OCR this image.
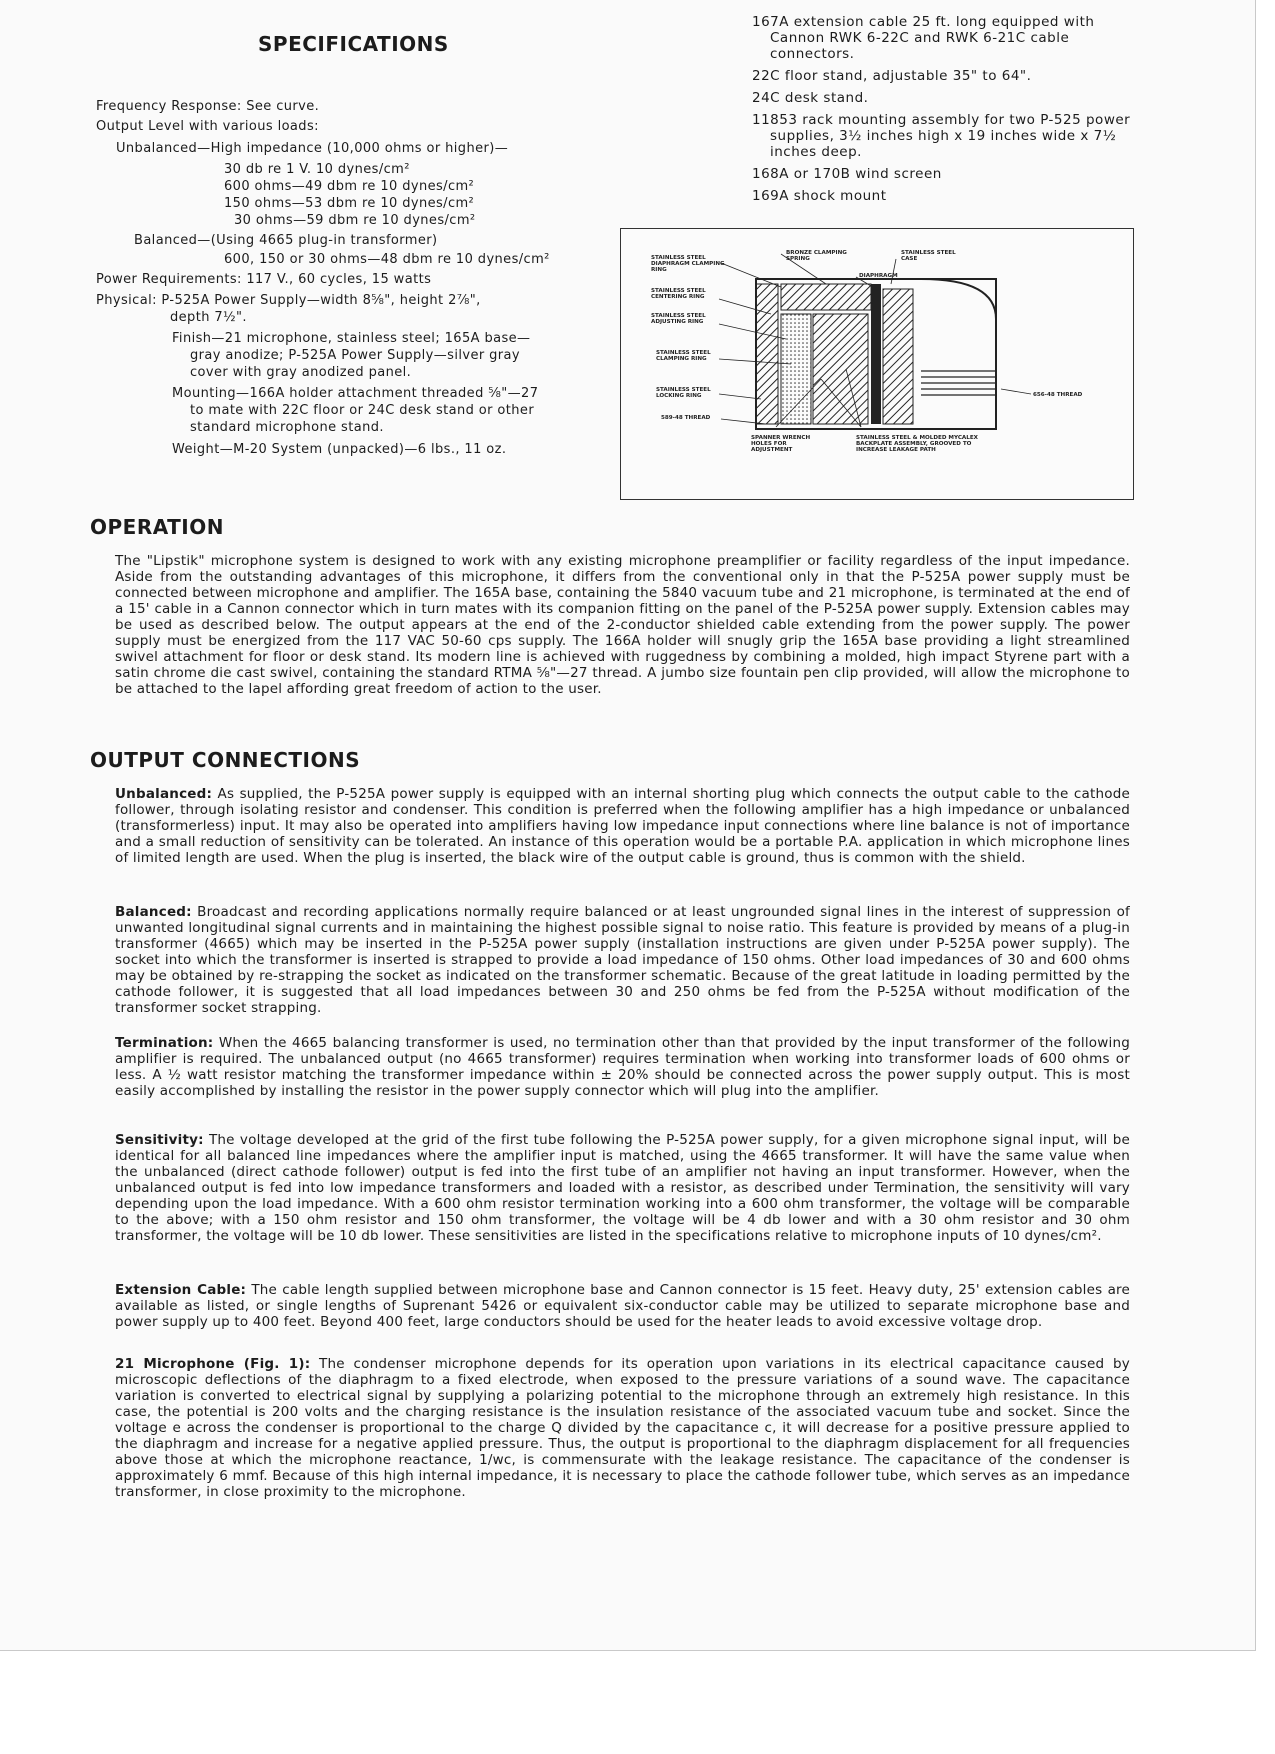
SPECIFICATIONS
Frequency Response: See curve.
Output Level with various loads:
Unbalanced—High impedance (10,000 ohms or higher)—
30 db re 1 V. 10 dynes/cm²
600 ohms—49 dbm re 10 dynes/cm²
150 ohms—53 dbm re 10 dynes/cm²
30 ohms—59 dbm re 10 dynes/cm²
Balanced—(Using 4665 plug-in transformer)
600, 150 or 30 ohms—48 dbm re 10 dynes/cm²
Power Requirements: 117 V., 60 cycles, 15 watts
Physical: P-525A Power Supply—width 8⅝", height 2⅞",
depth 7½".
Finish—21 microphone, stainless steel; 165A base—
gray anodize; P-525A Power Supply—silver gray
cover with gray anodized panel.
Mounting—166A holder attachment threaded ⅝"—27
to mate with 22C floor or 24C desk stand or other
standard microphone stand.
Weight—M-20 System (unpacked)—6 lbs., 11 oz.

167A extension cable 25 ft. long equipped with Cannon RWK 6-22C and RWK 6-21C cable connectors.

22C floor stand, adjustable 35" to 64".

24C desk stand.

11853 rack mounting assembly for two P-525 power supplies, 3½ inches high x 19 inches wide x 7½ inches deep.

168A or 170B wind screen

169A shock mount

STAINLESS STEEL DIAPHRAGM CLAMPING RING
STAINLESS STEEL CENTERING RING
STAINLESS STEEL ADJUSTING RING
STAINLESS STEEL CLAMPING RING
STAINLESS STEEL LOCKING RING
589-48 THREAD
BRONZE CLAMPING SPRING
DIAPHRAGM
STAINLESS STEEL CASE
656-48 THREAD
SPANNER WRENCH HOLES FOR ADJUSTMENT
STAINLESS STEEL & MOLDED MYCALEX BACKPLATE ASSEMBLY, GROOVED TO INCREASE LEAKAGE PATH
OPERATION
The "Lipstik" microphone system is designed to work with any existing microphone preamplifier or facility regardless of the input impedance. Aside from the outstanding advantages of this microphone, it differs from the conventional only in that the P-525A power supply must be connected between microphone and amplifier. The 165A base, containing the 5840 vacuum tube and 21 microphone, is terminated at the end of a 15' cable in a Cannon connector which in turn mates with its companion fitting on the panel of the P-525A power supply. Extension cables may be used as described below. The output appears at the end of the 2-conductor shielded cable extending from the power supply. The power supply must be energized from the 117 VAC 50-60 cps supply. The 166A holder will snugly grip the 165A base providing a light streamlined swivel attachment for floor or desk stand. Its modern line is achieved with ruggedness by combining a molded, high impact Styrene part with a satin chrome die cast swivel, containing the standard RTMA ⅝"—27 thread. A jumbo size fountain pen clip provided, will allow the microphone to be attached to the lapel affording great freedom of action to the user.
OUTPUT CONNECTIONS
Unbalanced: As supplied, the P-525A power supply is equipped with an internal shorting plug which connects the output cable to the cathode follower, through isolating resistor and condenser. This condition is preferred when the following amplifier has a high impedance or unbalanced (transformerless) input. It may also be operated into amplifiers having low impedance input connections where line balance is not of importance and a small reduction of sensitivity can be tolerated. An instance of this operation would be a portable P.A. application in which microphone lines of limited length are used. When the plug is inserted, the black wire of the output cable is ground, thus is common with the shield.
Balanced: Broadcast and recording applications normally require balanced or at least ungrounded signal lines in the interest of suppression of unwanted longitudinal signal currents and in maintaining the highest possible signal to noise ratio. This feature is provided by means of a plug-in transformer (4665) which may be inserted in the P-525A power supply (installation instructions are given under P-525A power supply). The socket into which the transformer is inserted is strapped to provide a load impedance of 150 ohms. Other load impedances of 30 and 600 ohms may be obtained by re-strapping the socket as indicated on the transformer schematic. Because of the great latitude in loading permitted by the cathode follower, it is suggested that all load impedances between 30 and 250 ohms be fed from the P-525A without modification of the transformer socket strapping.
Termination: When the 4665 balancing transformer is used, no termination other than that provided by the input transformer of the following amplifier is required. The unbalanced output (no 4665 transformer) requires termination when working into transformer loads of 600 ohms or less. A ½ watt resistor matching the transformer impedance within ± 20% should be connected across the power supply output. This is most easily accomplished by installing the resistor in the power supply connector which will plug into the amplifier.
Sensitivity: The voltage developed at the grid of the first tube following the P-525A power supply, for a given microphone signal input, will be identical for all balanced line impedances where the amplifier input is matched, using the 4665 transformer. It will have the same value when the unbalanced (direct cathode follower) output is fed into the first tube of an amplifier not having an input transformer. However, when the unbalanced output is fed into low impedance transformers and loaded with a resistor, as described under Termination, the sensitivity will vary depending upon the load impedance. With a 600 ohm resistor termination working into a 600 ohm transformer, the voltage will be comparable to the above; with a 150 ohm resistor and 150 ohm transformer, the voltage will be 4 db lower and with a 30 ohm resistor and 30 ohm transformer, the voltage will be 10 db lower. These sensitivities are listed in the specifications relative to microphone inputs of 10 dynes/cm².
Extension Cable: The cable length supplied between microphone base and Cannon connector is 15 feet. Heavy duty, 25' extension cables are available as listed, or single lengths of Suprenant 5426 or equivalent six-conductor cable may be utilized to separate microphone base and power supply up to 400 feet. Beyond 400 feet, large conductors should be used for the heater leads to avoid excessive voltage drop.
21 Microphone (Fig. 1): The condenser microphone depends for its operation upon variations in its electrical capacitance caused by microscopic deflections of the diaphragm to a fixed electrode, when exposed to the pressure variations of a sound wave. The capacitance variation is converted to electrical signal by supplying a polarizing potential to the microphone through an extremely high resistance. In this case, the potential is 200 volts and the charging resistance is the insulation resistance of the associated vacuum tube and socket. Since the voltage e across the condenser is proportional to the charge Q divided by the capacitance c, it will decrease for a positive pressure applied to the diaphragm and increase for a negative applied pressure. Thus, the output is proportional to the diaphragm displacement for all frequencies above those at which the microphone reactance, 1/wc, is commensurate with the leakage resistance. The capacitance of the condenser is approximately 6 mmf. Because of this high internal impedance, it is necessary to place the cathode follower tube, which serves as an impedance transformer, in close proximity to the microphone.
